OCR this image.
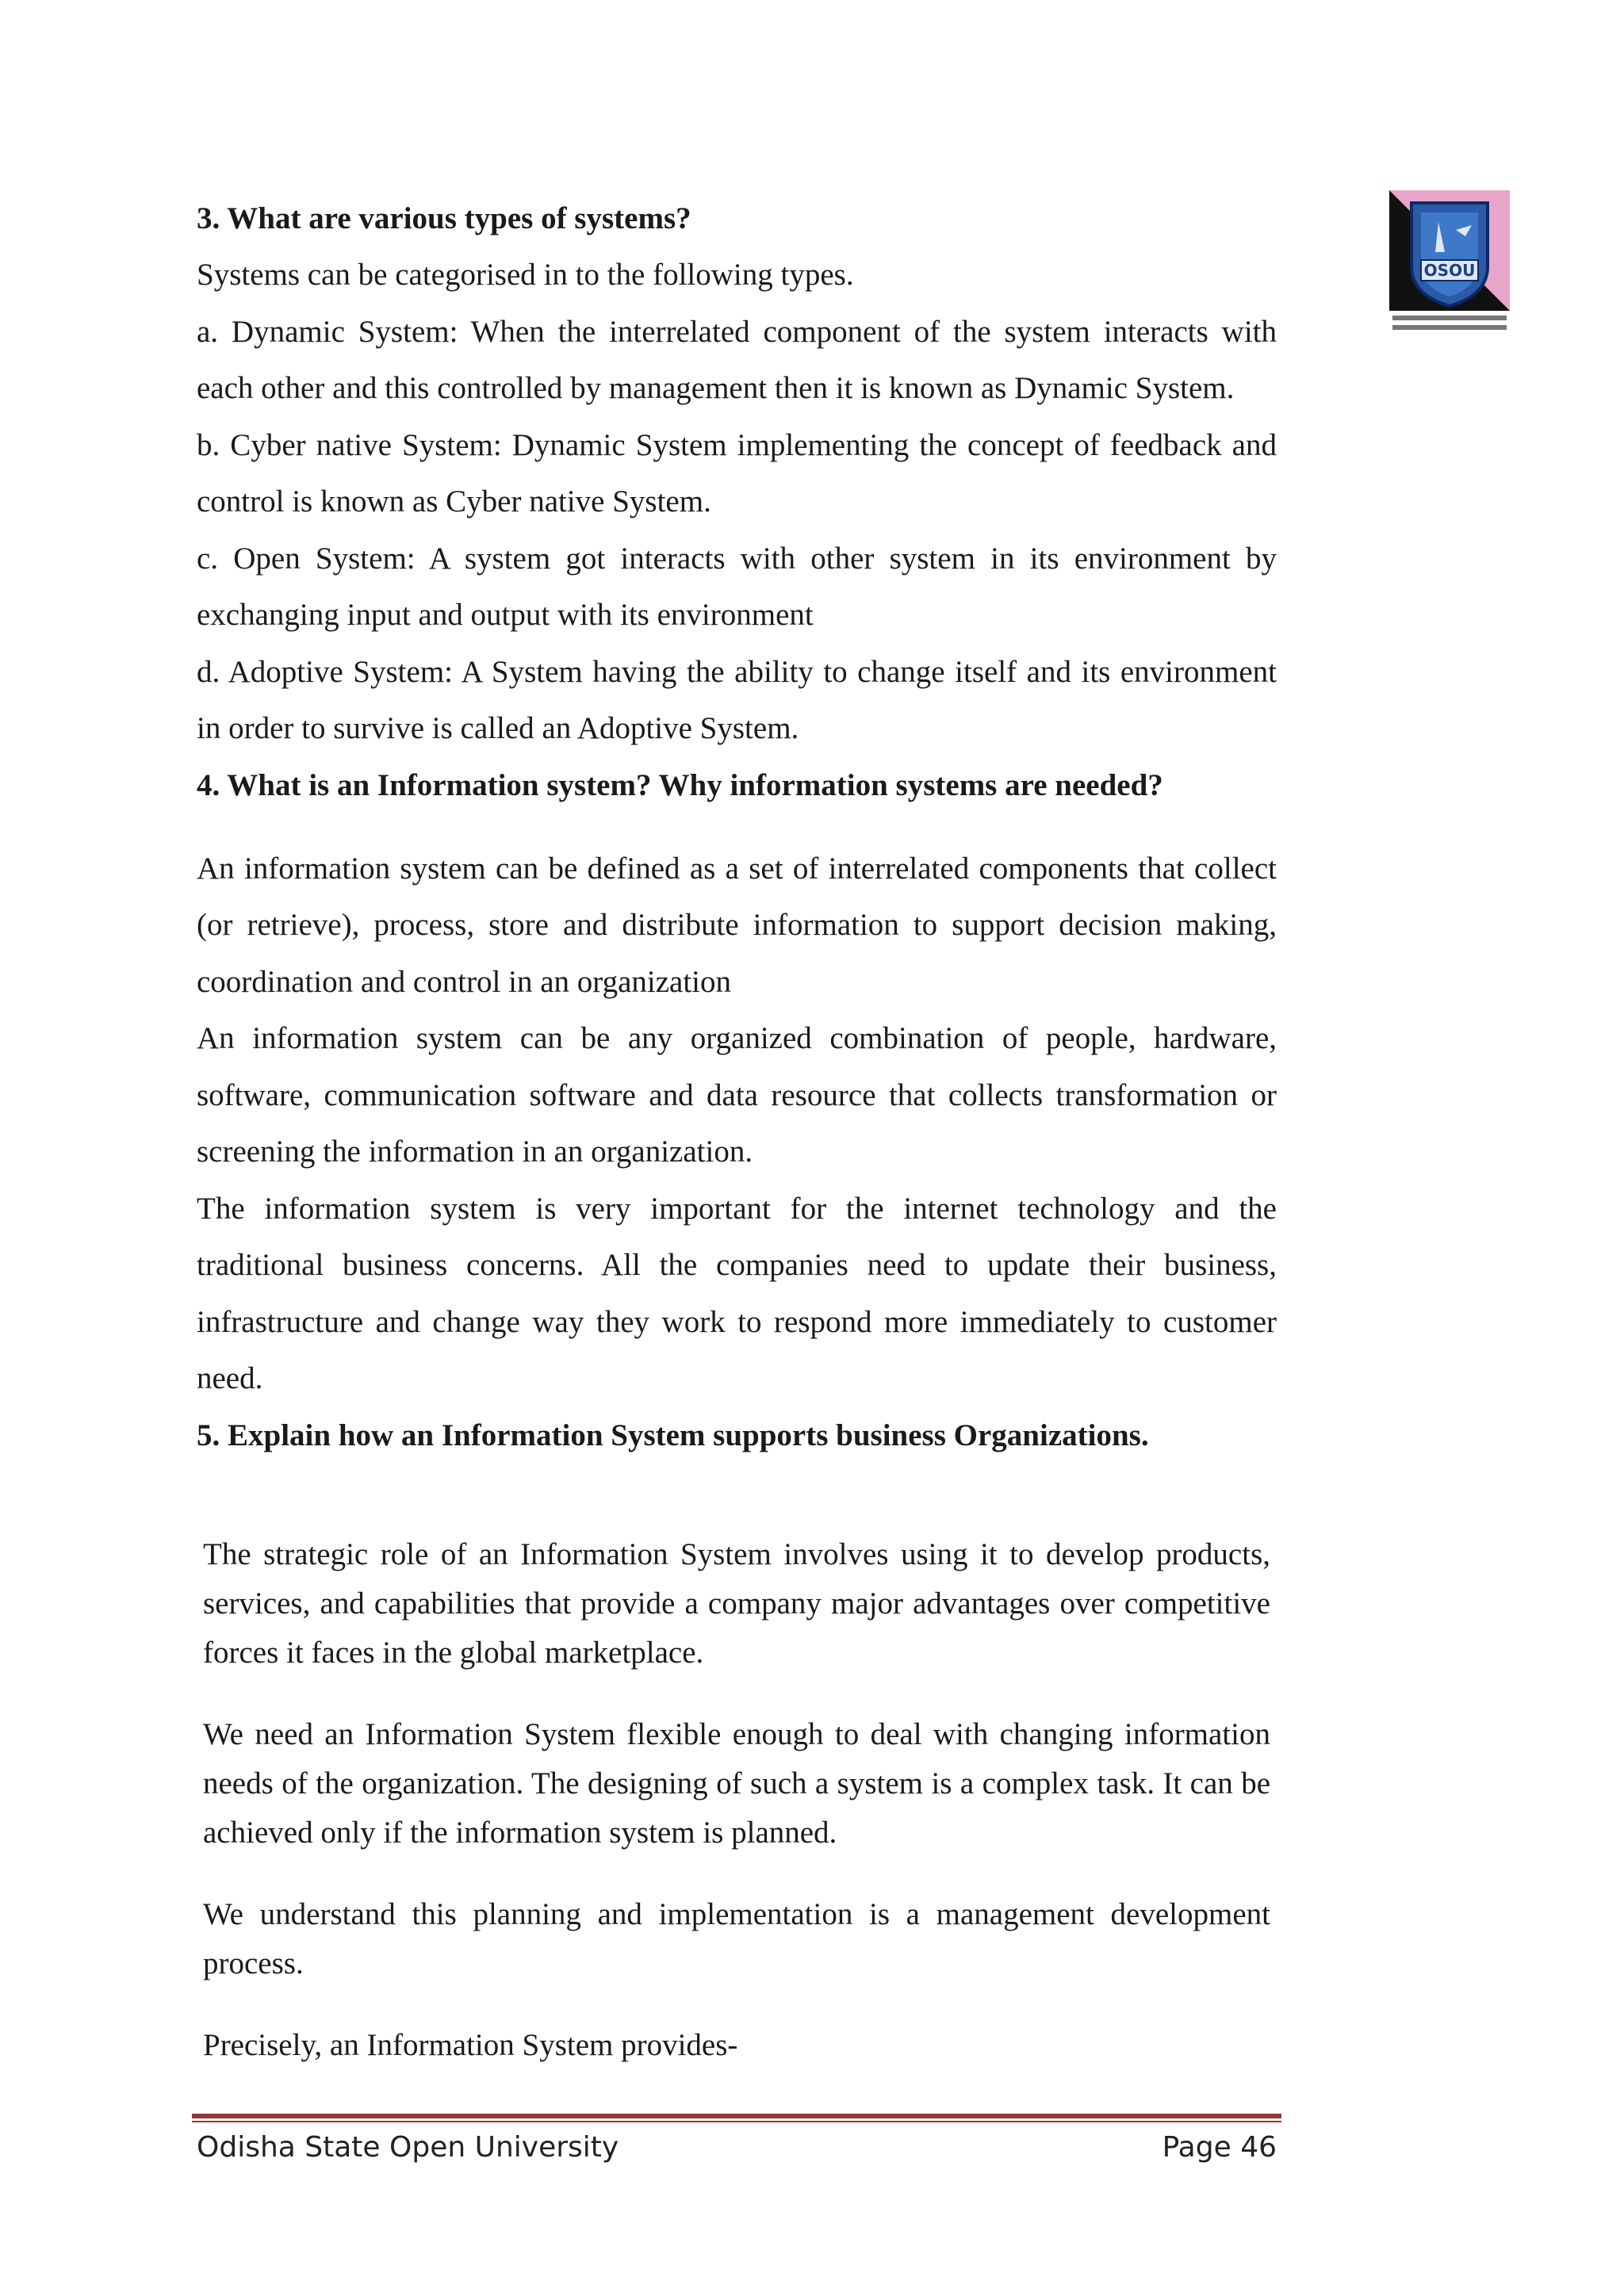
OSOU

3. What are various types of systems?

Systems can be categorised in to the following types.

a. Dynamic System: When the interrelated component of the system interacts with each other and this controlled by management then it is known as Dynamic System.

b. Cyber native System: Dynamic System implementing the concept of feedback and control is known as Cyber native System.

c. Open System: A system got interacts with other system in its environment by exchanging input and output with its environment

d. Adoptive System: A System having the ability to change itself and its environment in order to survive is called an Adoptive System.

4. What is an Information system? Why information systems are needed?

An information system can be defined as a set of interrelated components that collect (or retrieve), process, store and distribute information to support decision making, coordination and control in an organization

An information system can be any organized combination of people, hardware, software, communication software and data resource that collects transformation or screening the information in an organization.

The information system is very important for the internet technology and the traditional business concerns. All the companies need to update their business, infrastructure and change way they work to respond more immediately to customer need.

5. Explain how an Information System supports business Organizations.

The strategic role of an Information System involves using it to develop products, services, and capabilities that provide a company major advantages over competitive forces it faces in the global marketplace.

We need an Information System flexible enough to deal with changing information needs of the organization. The designing of such a system is a complex task. It can be achieved only if the information system is planned.

We understand this planning and implementation is a management development process.

Precisely, an Information System provides-

Odisha State Open University	Page 46
